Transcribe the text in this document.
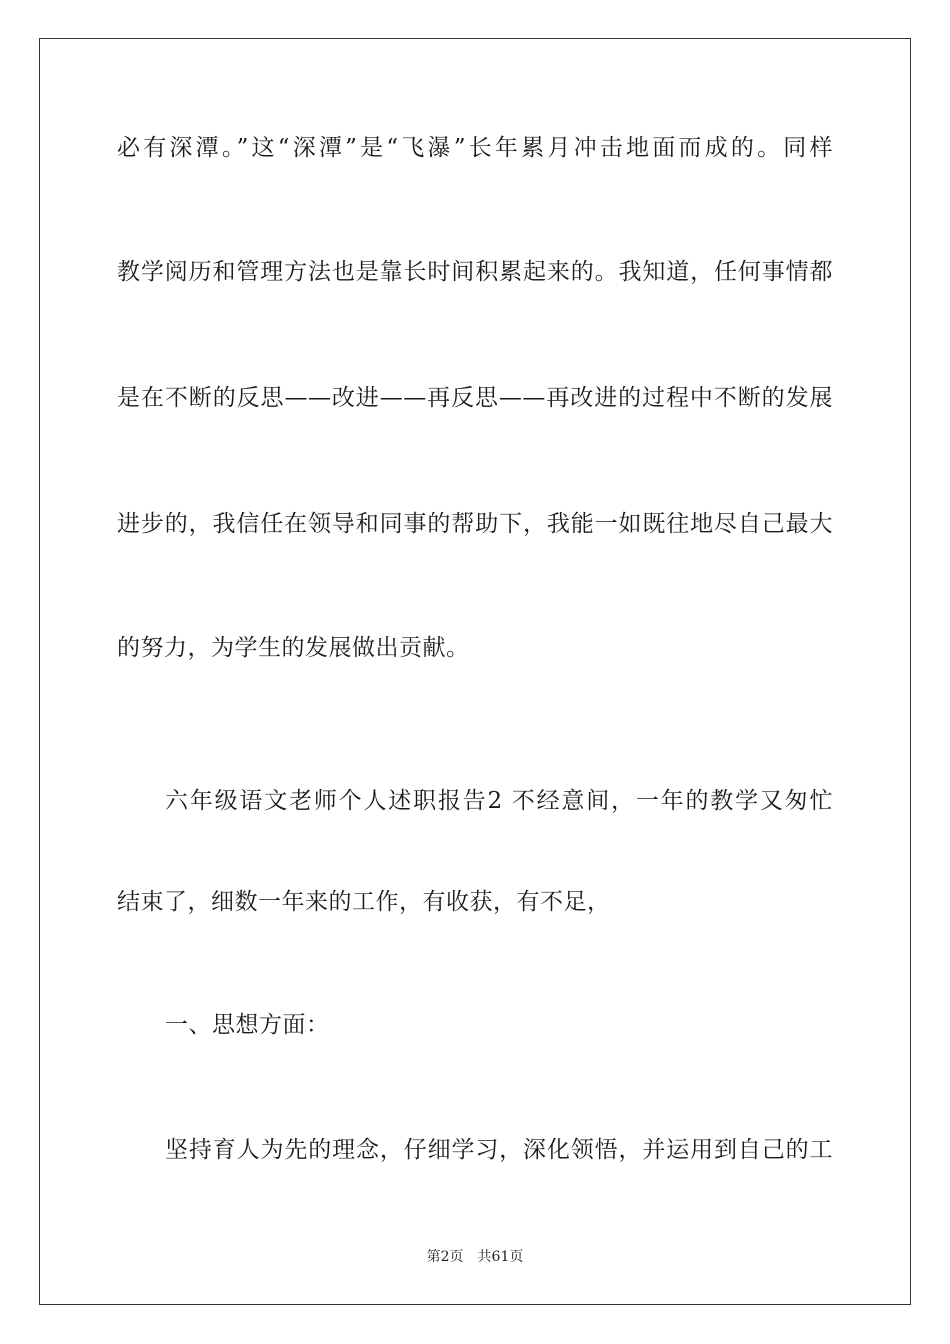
必有深潭。”这“深潭”是“飞瀑”长年累月冲击地面而成的。同样
教学阅历和管理方法也是靠长时间积累起来的。我知道，任何事情都
是在不断的反思——改进——再反思——再改进的过程中不断的发展
进步的，我信任在领导和同事的帮助下，我能一如既往地尽自己最大
的努力，为学生的发展做出贡献。
六年级语文老师个人述职报告2 不经意间，一年的教学又匆忙
结束了，细数一年来的工作，有收获，有不足，
一、思想方面：
坚持育人为先的理念，仔细学习，深化领悟，并运用到自己的工
第2页 共61页
